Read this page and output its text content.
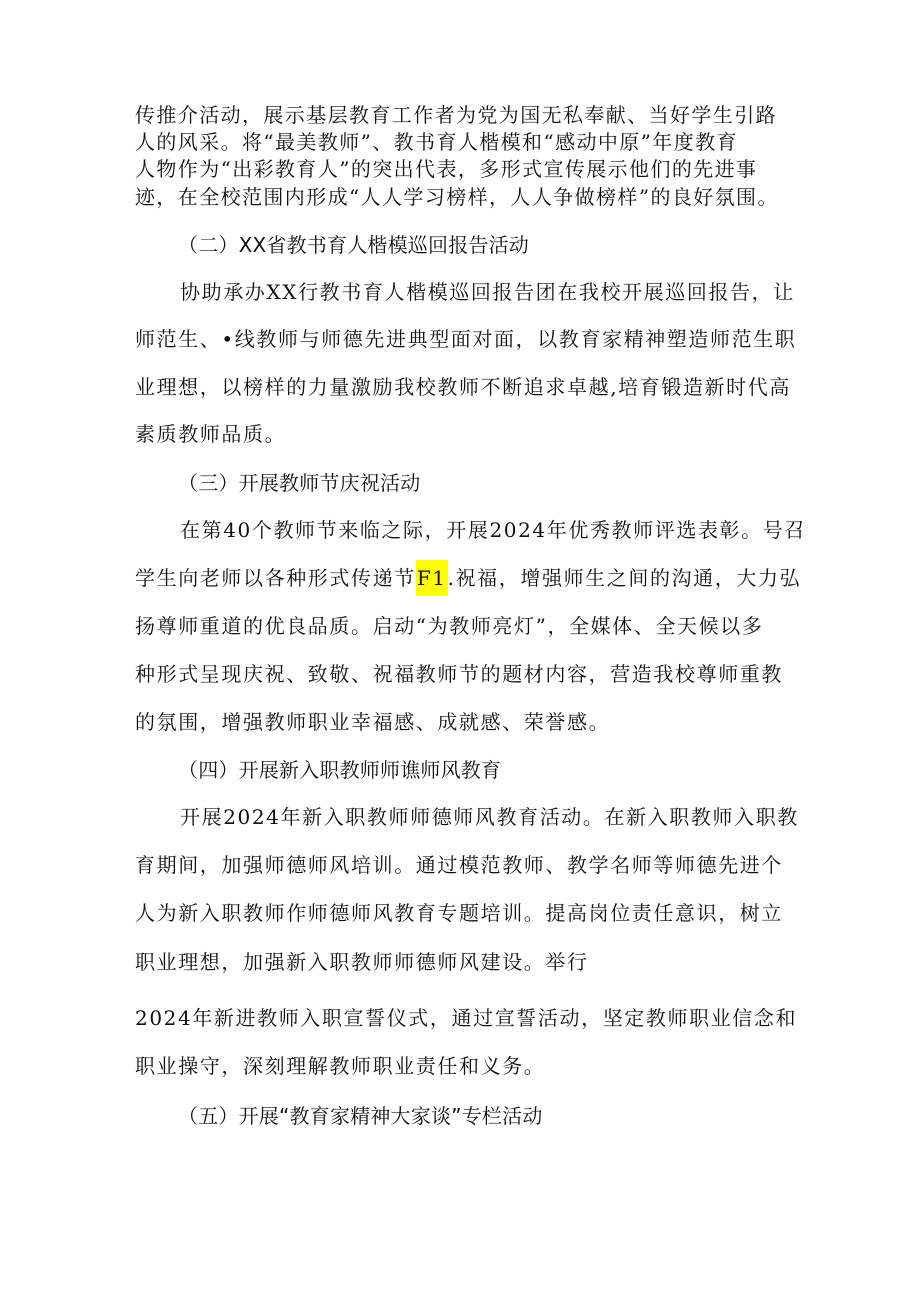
传推介活动，展示基层教育工作者为党为国无私奉献、当好学生引路
人的风采。将“最美教师”、教书育人楷模和“感动中原”年度教育
人物作为“出彩教育人”的突出代表，多形式宣传展示他们的先进事
迹，在全校范围内形成“人人学习榜样，人人争做榜样”的良好氛围。
（二）XX省教书育人楷模巡回报告活动
协助承办XX行教书育人楷模巡回报告团在我校开展巡回报告，让
师范生、•线教师与师德先进典型面对面，以教育家精神塑造师范生职
业理想，以榜样的力量激励我校教师不断追求卓越,培育锻造新时代高
素质教师品质。
（三）开展教师节庆祝活动
在第40个教师节来临之际，开展2024年优秀教师评选表彰。号召
学生向老师以各种形式传递节F1.祝福，增强师生之间的沟通，大力弘
扬尊师重道的优良品质。启动“为教师亮灯”，全媒体、全天候以多
种形式呈现庆祝、致敬、祝福教师节的题材内容，营造我校尊师重教
的氛围，增强教师职业幸福感、成就感、荣誉感。
（四）开展新入职教师师谯师风教育
开展2024年新入职教师师德师风教育活动。在新入职教师入职教
育期间，加强师德师风培训。通过模范教师、教学名师等师德先进个
人为新入职教师作师德师风教育专题培训。提高岗位责任意识，树立
职业理想，加强新入职教师师德师风建设。举行
2024年新进教师入职宣誓仪式，通过宣誓活动，坚定教师职业信念和
职业操守，深刻理解教师职业责任和义务。
（五）开展“教育家精神大家谈”专栏活动
